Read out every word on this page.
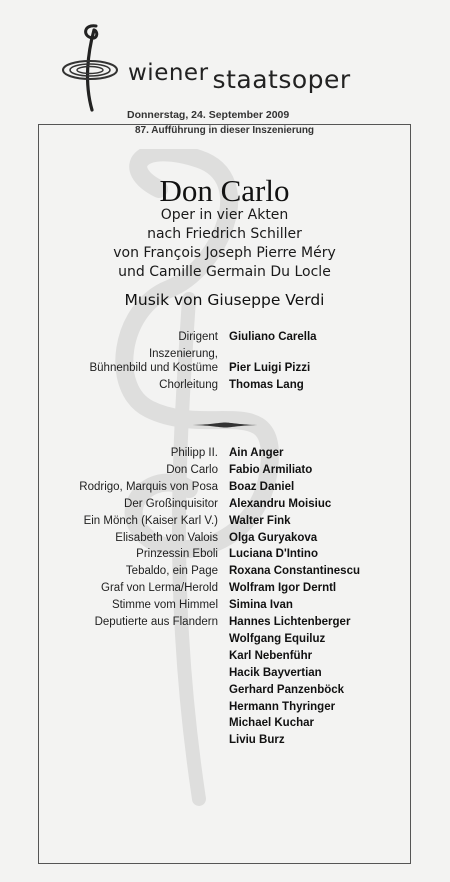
wiener staatsoper
Donnerstag, 24. September 2009
87. Aufführung in dieser Inszenierung
Don Carlo
Oper in vier Akten
nach Friedrich Schiller
von François Joseph Pierre Méry
und Camille Germain Du Locle
Musik von Giuseppe Verdi
Dirigent Giuliano Carella
Inszenierung,
Bühnenbild und Kostüme Pier Luigi Pizzi
Chorleitung Thomas Lang
Philipp II. Ain Anger
Don Carlo Fabio Armiliato
Rodrigo, Marquis von Posa Boaz Daniel
Der Großinquisitor Alexandru Moisiuc
Ein Mönch (Kaiser Karl V.) Walter Fink
Elisabeth von Valois Olga Guryakova
Prinzessin Eboli Luciana D'Intino
Tebaldo, ein Page Roxana Constantinescu
Graf von Lerma/Herold Wolfram Igor Derntl
Stimme vom Himmel Simina Ivan
Deputierte aus Flandern Hannes Lichtenberger
Wolfgang Equiluz
Karl Nebenführ
Hacik Bayvertian
Gerhard Panzenböck
Hermann Thyringer
Michael Kuchar
Liviu Burz
